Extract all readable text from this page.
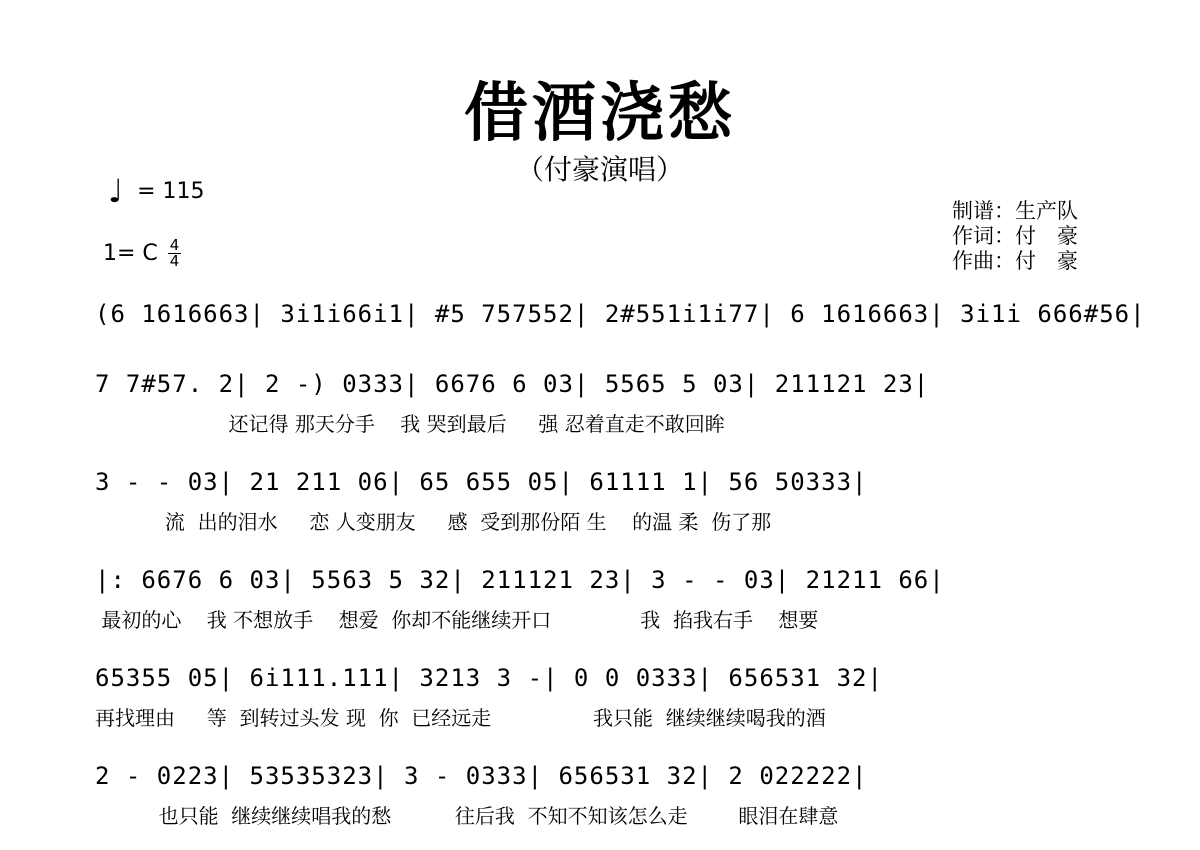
借酒浇愁
（付豪演唱）
♩ = 115
1= C 4
4
制谱：生产队
作词：付　豪
作曲：付　豪
(6 1616663| 3i1i66i1| #5 757552| 2#551i1i77| 6 1616663| 3i1i 666#56|
7 7#57. 2| 2 -) 0333| 6676 6 03| 5565 5 03| 211121 23|
还记得 那天分手    我 哭到最后     强 忍着直走不敢回眸
3 - - 03| 21 211 06| 65 655 05| 61111 1| 56 50333|
流  出的泪水     恋 人变朋友     感  受到那份陌 生    的温 柔  伤了那
|: 6676 6 03| 5563 5 32| 211121 23| 3 - - 03| 21211 66|
最初的心    我 不想放手    想爱  你却不能继续开口              我  掐我右手    想要
65355 05| 6i111.111| 3213 3 -| 0 0 0333| 656531 32|
再找理由     等  到转过头发 现  你  已经远走                我只能  继续继续喝我的酒
2 - 0223| 53535323| 3 - 0333| 656531 32| 2 022222|
也只能  继续继续唱我的愁          往后我  不知不知该怎么走        眼泪在肆意
